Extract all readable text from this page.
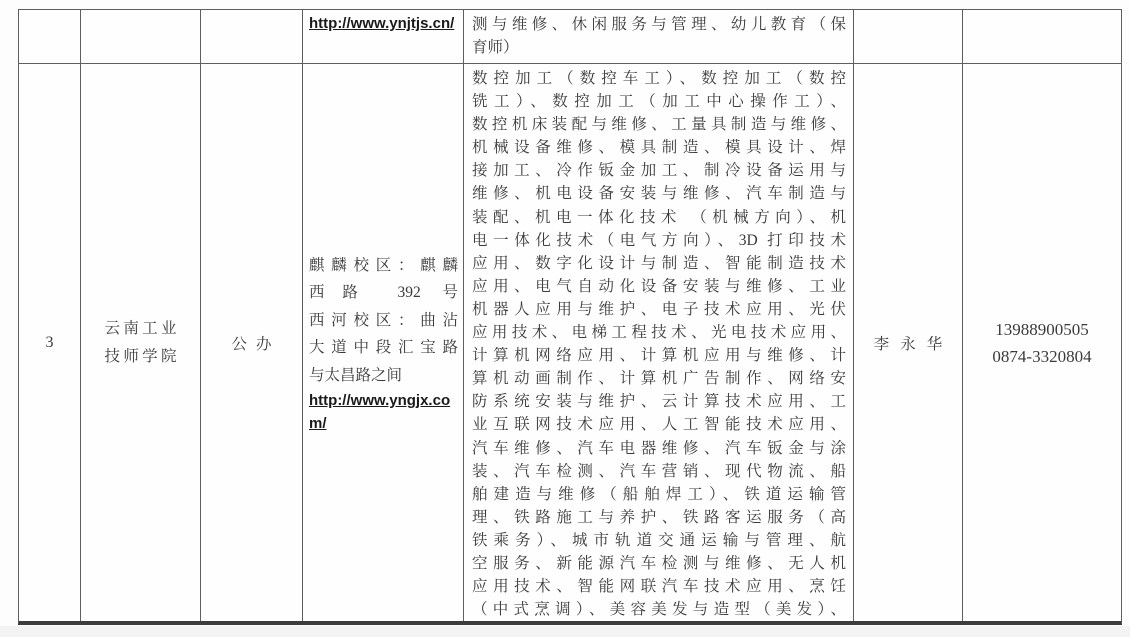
http://www.ynjtjs.cn/ 测与维修、休闲服务与管理、幼儿教育（保
育师）
3
云南工业技师学院
公办
麒麟校区：麒麟
西路 392 号
西河校区：曲沾
大道中段汇宝路
与太昌路之间
http://www.yngjx.com/
数控加工（数控车工）、数控加工（数控
铣工）、数控加工（加工中心操作工）、
数控机床装配与维修、工量具制造与维修、
机械设备维修、模具制造、模具设计、焊
接加工、冷作钣金加工、制冷设备运用与
维修、机电设备安装与维修、汽车制造与
装配、机电一体化技术 （机械方向）、机
电一体化技术（电气方向）、3D 打印技术
应用、数字化设计与制造、智能制造技术
应用、电气自动化设备安装与维修、工业
机器人应用与维护、电子技术应用、光伏
应用技术、电梯工程技术、光电技术应用、
计算机网络应用、计算机应用与维修、计
算机动画制作、计算机广告制作、网络安
防系统安装与维护、云计算技术应用、工
业互联网技术应用、人工智能技术应用、
汽车维修、汽车电器维修、汽车钣金与涂
装、汽车检测、汽车营销、现代物流、船
舶建造与维修（船舶焊工）、铁道运输管
理、铁路施工与养护、铁路客运服务（高
铁乘务）、城市轨道交通运输与管理、航
空服务、新能源汽车检测与维修、无人机
应用技术、智能网联汽车技术应用、烹饪
（中式烹调）、美容美发与造型（美发）、
李永华
13988900505
0874-3320804
